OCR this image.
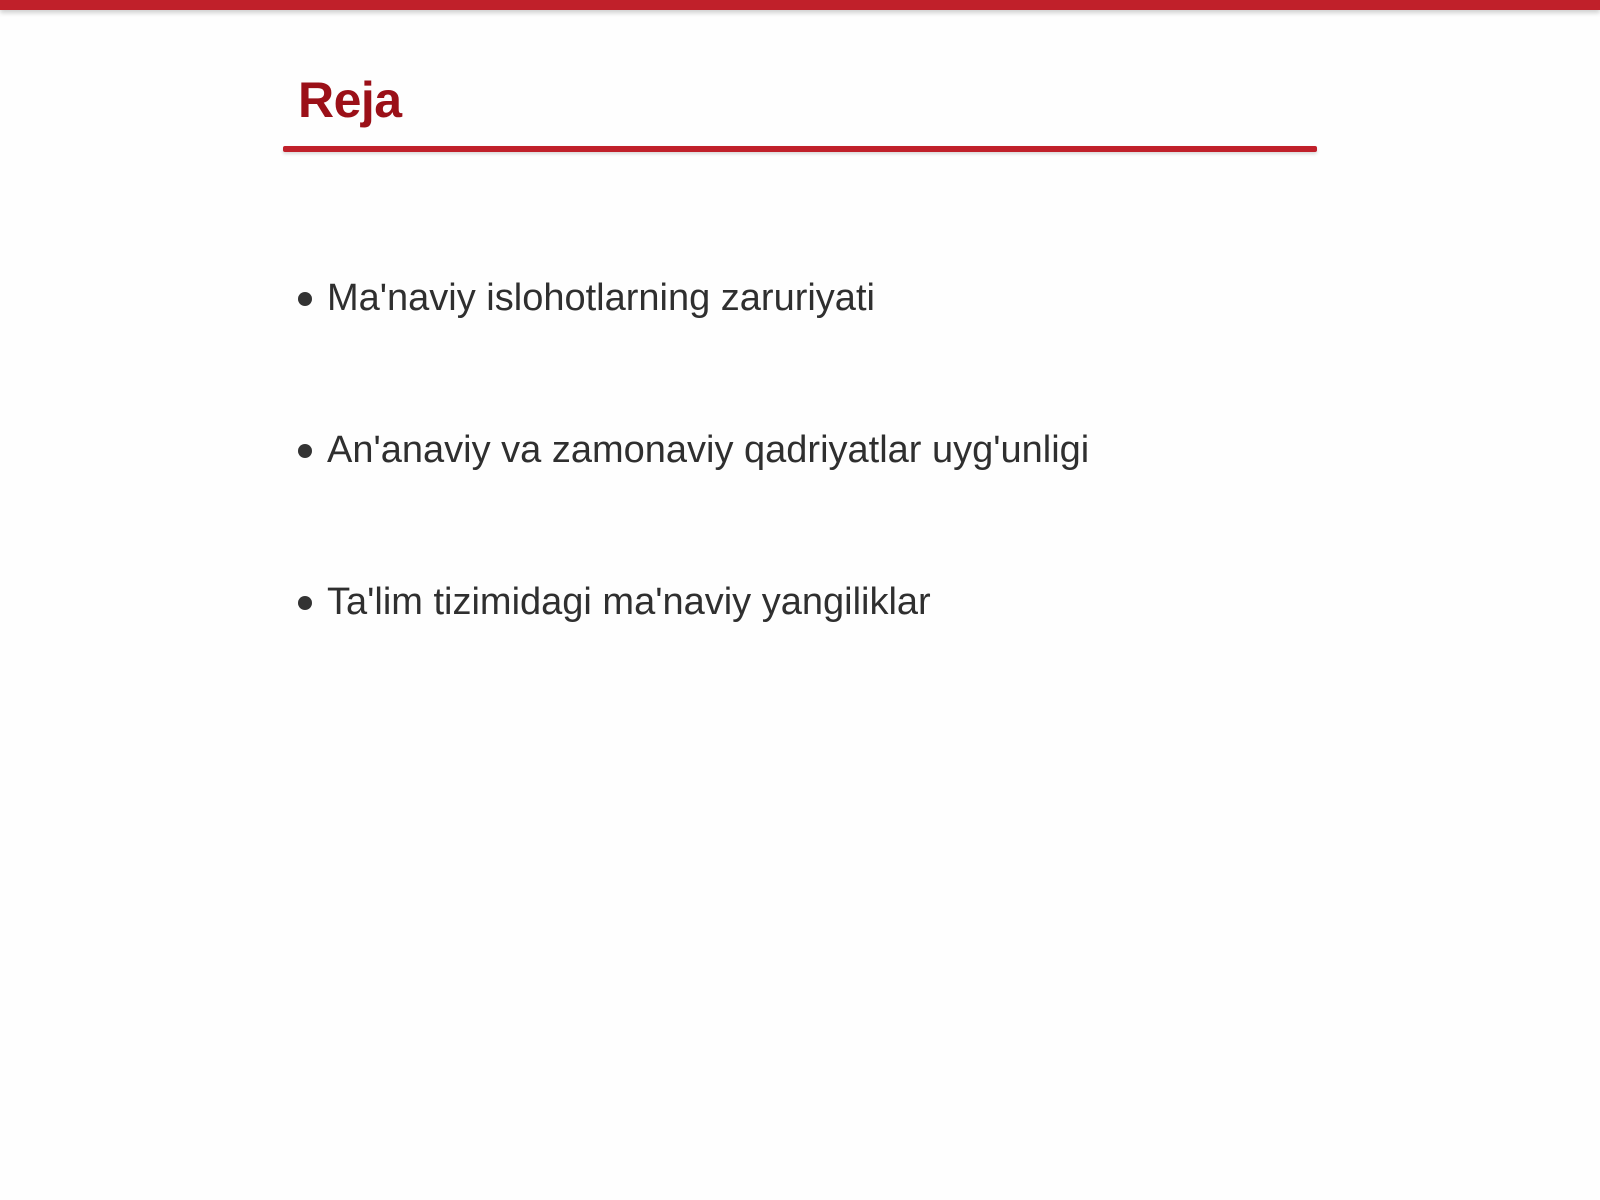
Reja
Ma'naviy islohotlarning zaruriyati
An'anaviy va zamonaviy qadriyatlar uyg'unligi
Ta'lim tizimidagi ma'naviy yangiliklar
